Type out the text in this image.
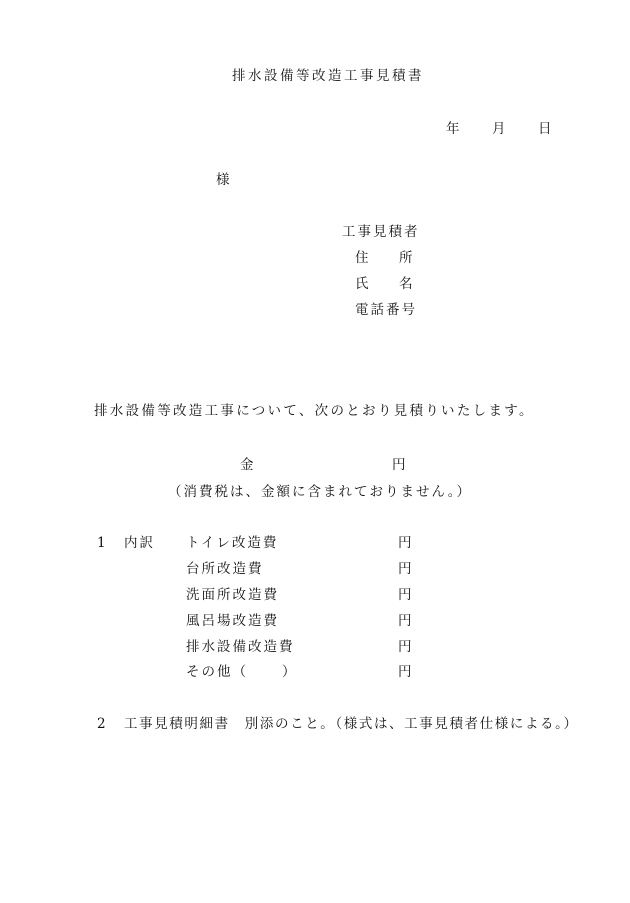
排水設備等改造工事見積書
年 月 日
様
工事見積者
住 所
氏 名
電話番号
排水設備等改造工事について、次のとおり見積りいたします。
金	円
（消費税は、金額に含まれておりません。）
1 内訳 トイレ改造費	円
台所改造費	円
洗面所改造費	円
風呂場改造費	円
排水設備改造費	円
その他（	）	円
2 工事見積明細書　別添のこと。（様式は、工事見積者仕様による。）
